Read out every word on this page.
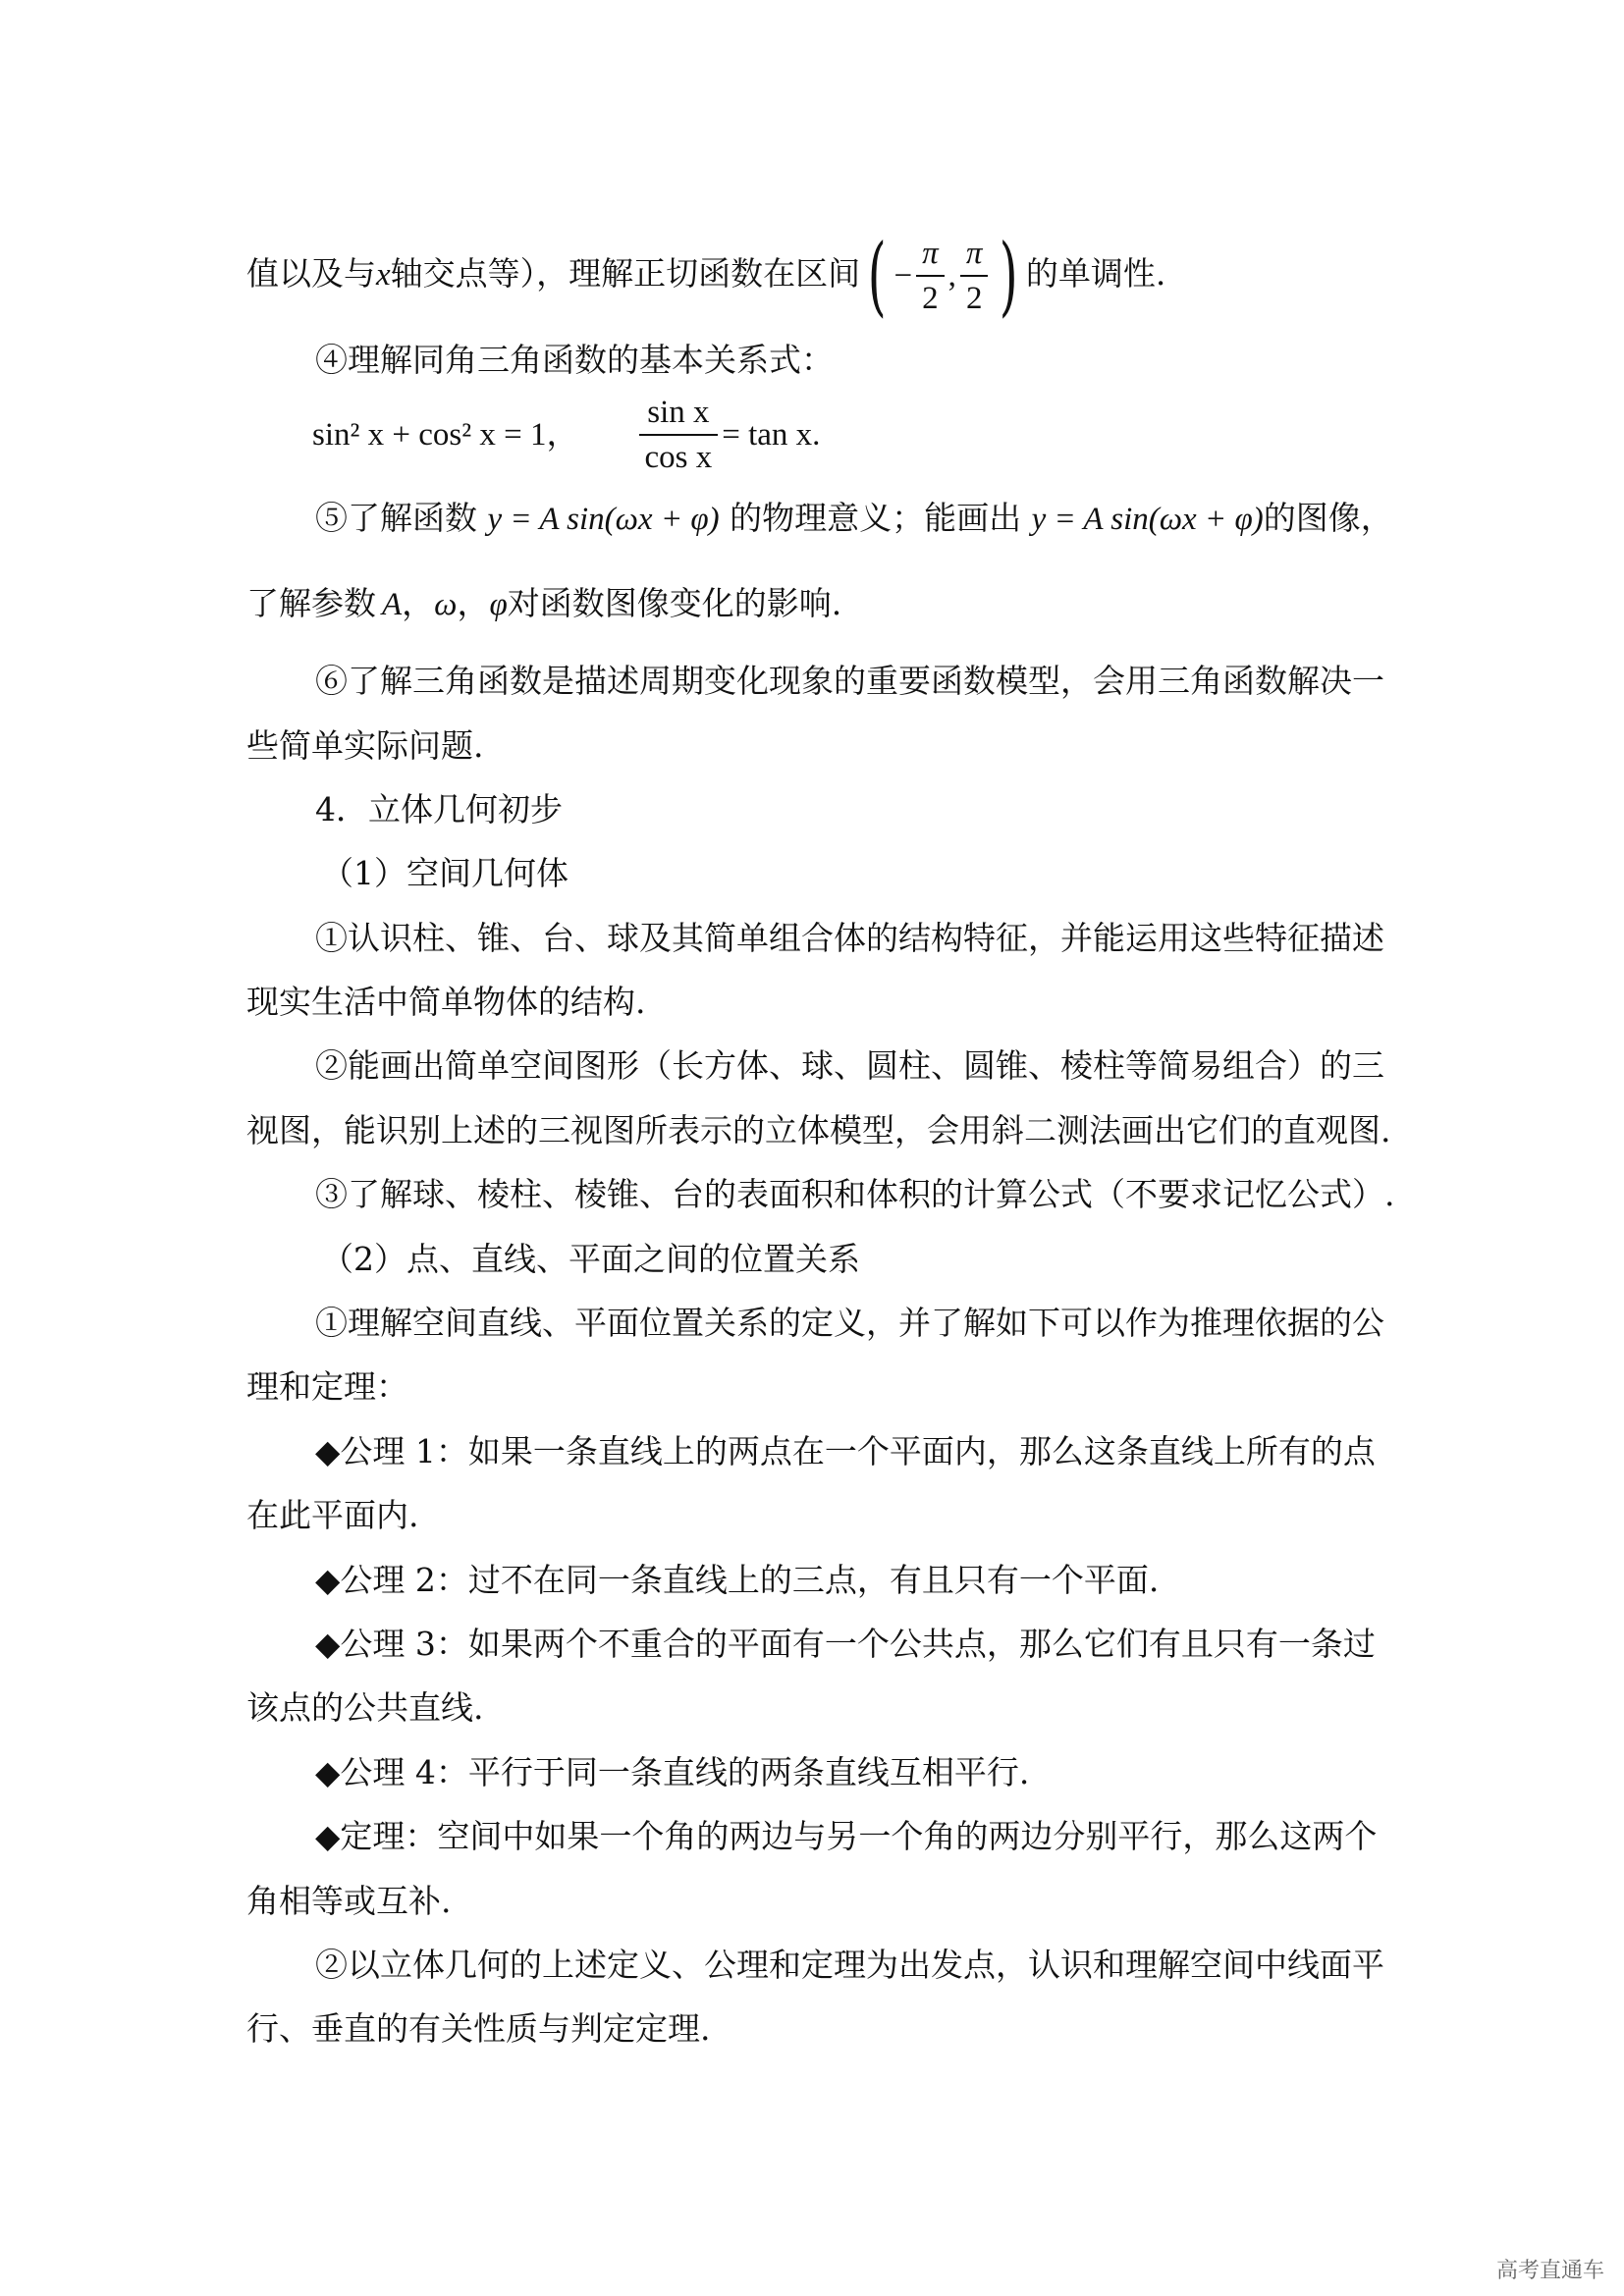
值以及与x轴交点等），理解正切函数在区间 ( − $\frac{\pi}{2}$ , $\frac{\pi}{2}$ ) 的单调性.
④理解同角三角函数的基本关系式：
sin² x + cos² x = 1， $\frac{\text{sin x}}{\text{cos x}} = \tan x$.
⑤了解函数 y = A sin(ωx + φ) 的物理意义；能画出 y = A sin(ωx + φ)的图像，
了解参数 A，ω，φ对函数图像变化的影响.
⑥了解三角函数是描述周期变化现象的重要函数模型，会用三角函数解决一
些简单实际问题.
4．立体几何初步
（1）空间几何体
①认识柱、锥、台、球及其简单组合体的结构特征，并能运用这些特征描述
现实生活中简单物体的结构.
②能画出简单空间图形（长方体、球、圆柱、圆锥、棱柱等简易组合）的三
视图，能识别上述的三视图所表示的立体模型，会用斜二测法画出它们的直观图.
③了解球、棱柱、棱锥、台的表面积和体积的计算公式（不要求记忆公式）.
（2）点、直线、平面之间的位置关系
①理解空间直线、平面位置关系的定义，并了解如下可以作为推理依据的公
理和定理：
◆公理 1：如果一条直线上的两点在一个平面内，那么这条直线上所有的点
在此平面内.
◆公理 2：过不在同一条直线上的三点，有且只有一个平面.
◆公理 3：如果两个不重合的平面有一个公共点，那么它们有且只有一条过
该点的公共直线.
◆公理 4：平行于同一条直线的两条直线互相平行.
◆定理：空间中如果一个角的两边与另一个角的两边分别平行，那么这两个
角相等或互补.
②以立体几何的上述定义、公理和定理为出发点，认识和理解空间中线面平
行、垂直的有关性质与判定定理.
高考直通车
